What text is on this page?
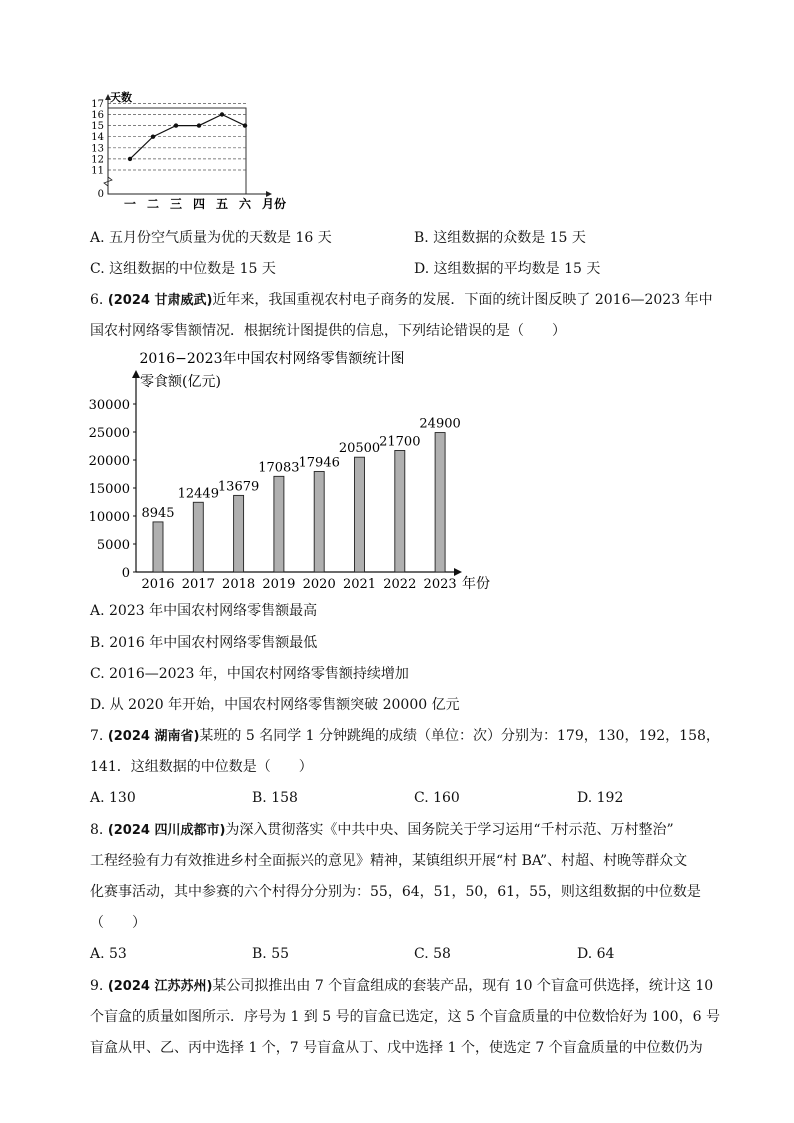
天数
0
11
12
13
14
15
16
17
一 二 三 四 五 六 月份
A. 五月份空气质量为优的天数是 16 天	B. 这组数据的众数是 15 天
C. 这组数据的中位数是 15 天	D. 这组数据的平均数是 15 天
6. (2024 甘肃威武)近年来，我国重视农村电子商务的发展．下面的统计图反映了 2016—2023 年中
国农村网络零售额情况．根据统计图提供的信息，下列结论错误的是（　　）
2016−2023年中国农村网络零售额统计图
零食额(亿元)
0
5000
10000
15000
20000
25000
30000
8945
2016
12449
2017
13679
2018
17083
2019
17946
2020
20500
2021
21700
2022
24900
2023 年份
A. 2023 年中国农村网络零售额最高
B. 2016 年中国农村网络零售额最低
C. 2016—2023 年，中国农村网络零售额持续增加
D. 从 2020 年开始，中国农村网络零售额突破 20000 亿元
7. (2024 湖南省)某班的 5 名同学 1 分钟跳绳的成绩（单位：次）分别为：179，130，192，158，
141．这组数据的中位数是（　　）
A. 130	B. 158	C. 160	D. 192
8. (2024 四川成都市)为深入贯彻落实《中共中央、国务院关于学习运用“千村示范、万村整治”
工程经验有力有效推进乡村全面振兴的意见》精神，某镇组织开展“村 BA”、村超、村晚等群众文
化赛事活动，其中参赛的六个村得分分别为：55，64，51，50，61，55，则这组数据的中位数是
（　　）
A. 53	B. 55	C. 58	D. 64
9. (2024 江苏苏州)某公司拟推出由 7 个盲盒组成的套装产品，现有 10 个盲盒可供选择，统计这 10
个盲盒的质量如图所示．序号为 1 到 5 号的盲盒已选定，这 5 个盲盒质量的中位数恰好为 100，6 号
盲盒从甲、乙、丙中选择 1 个，7 号盲盒从丁、戊中选择 1 个，使选定 7 个盲盒质量的中位数仍为
